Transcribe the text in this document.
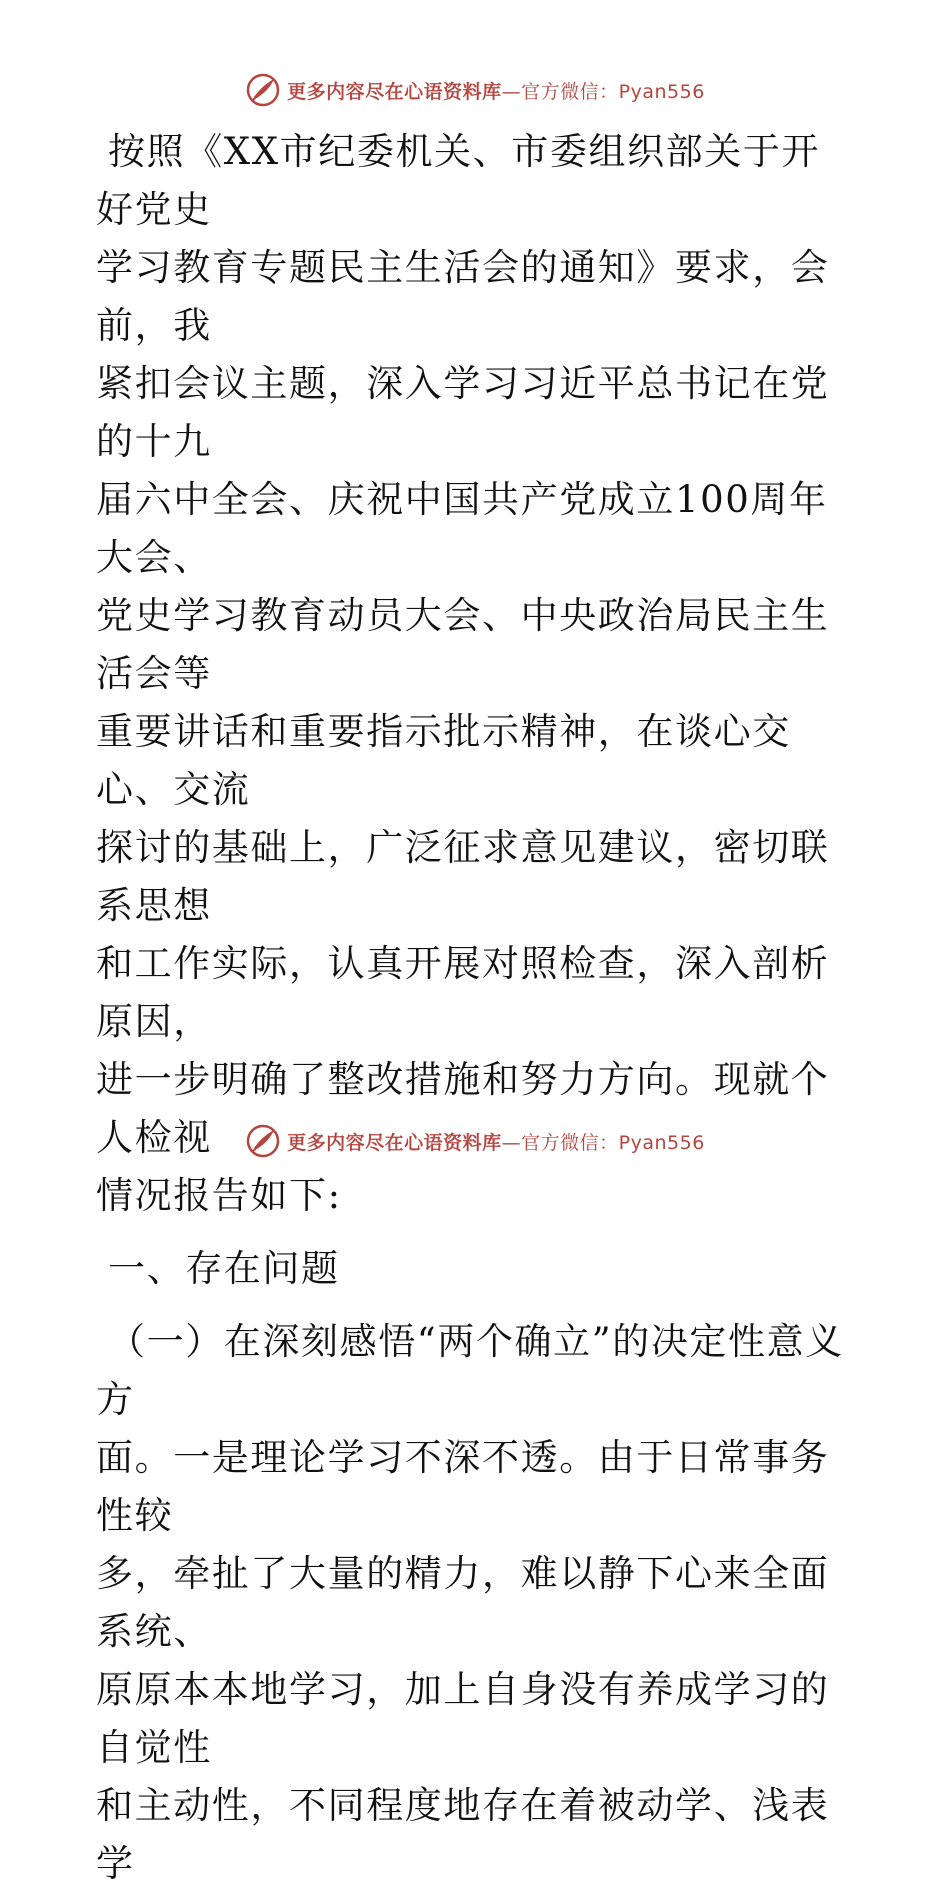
更多内容尽在心语资料库—官方微信：Pyan556
按照《XX市纪委机关、市委组织部关于开好党史
学习教育专题民主生活会的通知》要求，会前，我
紧扣会议主题，深入学习习近平总书记在党的十九
届六中全会、庆祝中国共产党成立100周年大会、
党史学习教育动员大会、中央政治局民主生活会等
重要讲话和重要指示批示精神，在谈心交心、交流
探讨的基础上，广泛征求意见建议，密切联系思想
和工作实际，认真开展对照检查，深入剖析原因，
进一步明确了整改措施和努力方向。现就个人检视
情况报告如下:
一、存在问题
（一）在深刻感悟“两个确立”的决定性意义方
面。一是理论学习不深不透。由于日常事务性较
多，牵扯了大量的精力，难以静下心来全面系统、
原原本本地学习，加上自身没有养成学习的自觉性
和主动性，不同程度地存在着被动学、浅表学
更多内容尽在心语资料库—官方微信：Pyan556
